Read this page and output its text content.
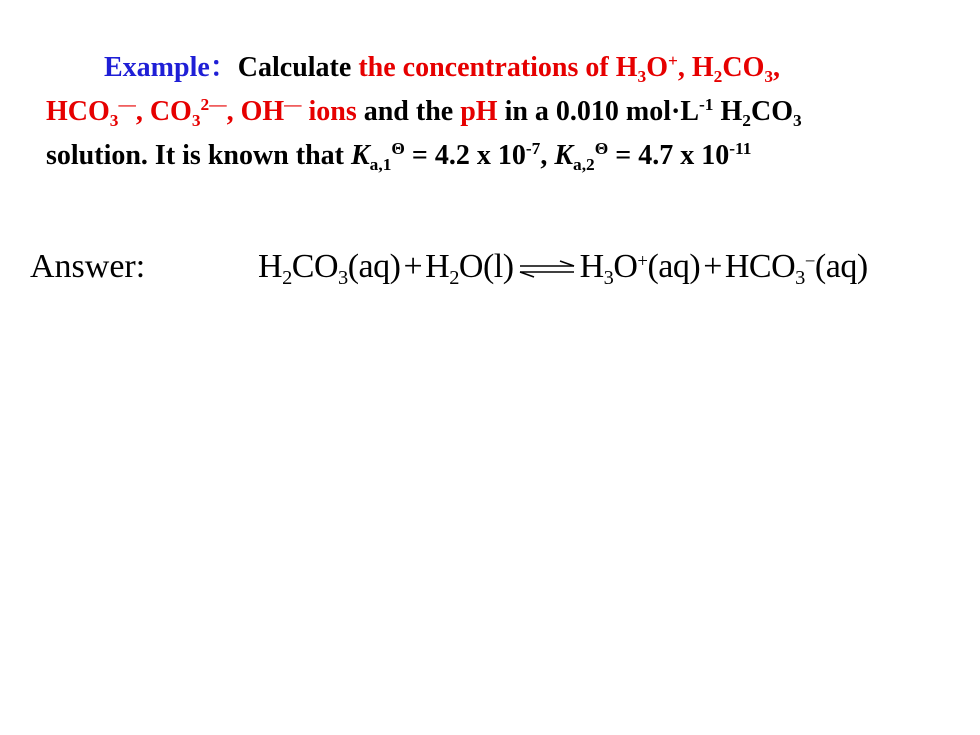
Example：Calculate the concentrations of $H_3O^+$, $H_2CO_3$,
$HCO_3^—$, $CO_3^{2—}$, OH— ions and the pH in a 0.010 $mol\cdot L^{-1}$ $H_2CO_3$
solution. It is known that $K_{a,1}^\Theta = 4.2$ x $10^{-7}$, $K_{a,2}^\Theta = 4.7$ x $10^{-11}$
Answer:	$H_2CO_3(aq)+H_2O(l)$ ⇌ $H_3O^+(aq)+HCO_3^-(aq)$
